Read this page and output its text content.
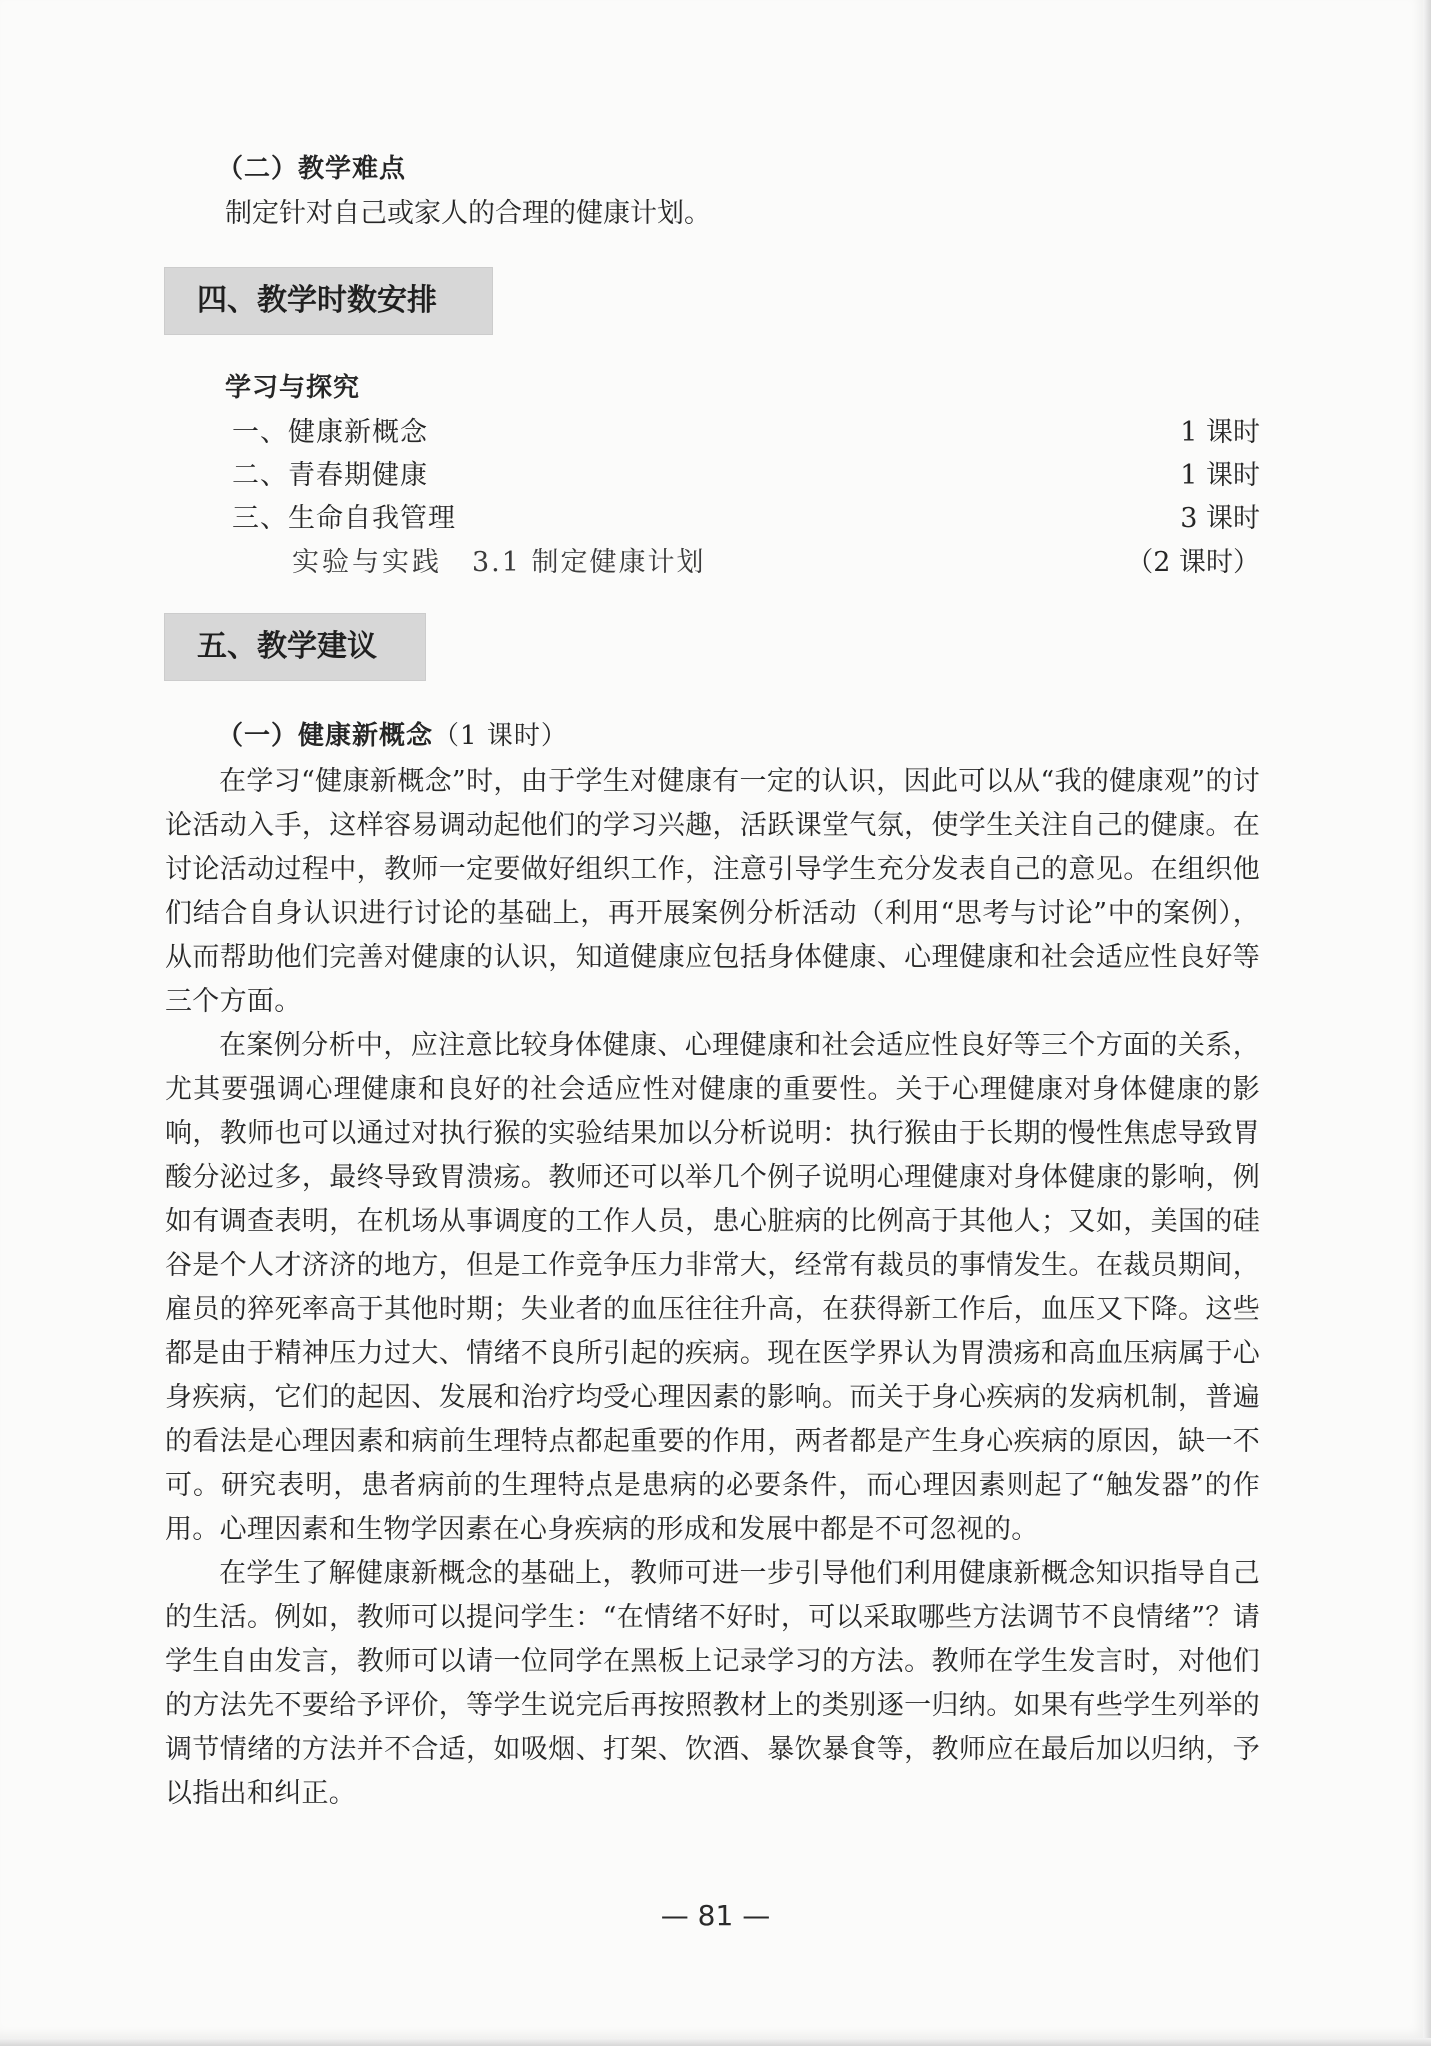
（二）教学难点
制定针对自己或家人的合理的健康计划。
四、教学时数安排
学习与探究
一、健康新概念	1 课时
二、青春期健康	1 课时
三、生命自我管理	3 课时
实验与实践 3.1 制定健康计划	（2 课时）
五、教学建议
（一）健康新概念（1 课时）

在学习“健康新概念”时，由于学生对健康有一定的认识，因此可以从“我的健康观”的讨论活动入手，这样容易调动起他们的学习兴趣，活跃课堂气氛，使学生关注自己的健康。在讨论活动过程中，教师一定要做好组织工作，注意引导学生充分发表自己的意见。在组织他们结合自身认识进行讨论的基础上，再开展案例分析活动（利用“思考与讨论”中的案例），从而帮助他们完善对健康的认识，知道健康应包括身体健康、心理健康和社会适应性良好等三个方面。

在案例分析中，应注意比较身体健康、心理健康和社会适应性良好等三个方面的关系，尤其要强调心理健康和良好的社会适应性对健康的重要性。关于心理健康对身体健康的影响，教师也可以通过对执行猴的实验结果加以分析说明：执行猴由于长期的慢性焦虑导致胃酸分泌过多，最终导致胃溃疡。教师还可以举几个例子说明心理健康对身体健康的影响，例如有调查表明，在机场从事调度的工作人员，患心脏病的比例高于其他人；又如，美国的硅谷是个人才济济的地方，但是工作竞争压力非常大，经常有裁员的事情发生。在裁员期间，雇员的猝死率高于其他时期；失业者的血压往往升高，在获得新工作后，血压又下降。这些都是由于精神压力过大、情绪不良所引起的疾病。现在医学界认为胃溃疡和高血压病属于心身疾病，它们的起因、发展和治疗均受心理因素的影响。而关于身心疾病的发病机制，普遍的看法是心理因素和病前生理特点都起重要的作用，两者都是产生身心疾病的原因，缺一不可。研究表明，患者病前的生理特点是患病的必要条件，而心理因素则起了“触发器”的作用。心理因素和生物学因素在心身疾病的形成和发展中都是不可忽视的。

在学生了解健康新概念的基础上，教师可进一步引导他们利用健康新概念知识指导自己的生活。例如，教师可以提问学生：“在情绪不好时，可以采取哪些方法调节不良情绪”？请学生自由发言，教师可以请一位同学在黑板上记录学习的方法。教师在学生发言时，对他们的方法先不要给予评价，等学生说完后再按照教材上的类别逐一归纳。如果有些学生列举的调节情绪的方法并不合适，如吸烟、打架、饮酒、暴饮暴食等，教师应在最后加以归纳，予以指出和纠正。

— 81 —
